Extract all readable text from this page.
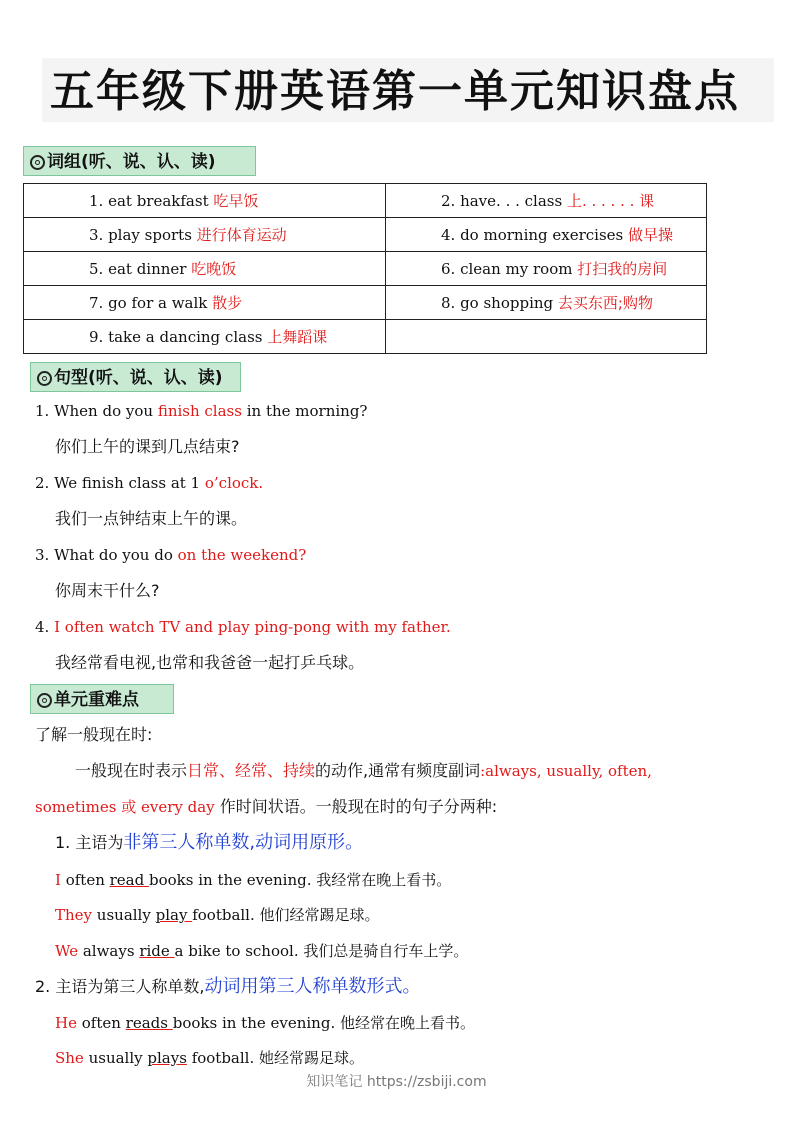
五年级下册英语第一单元知识盘点
词组(听、说、认、读)
1. eat breakfast 吃早饭	2. have. . . class 上. . . . . . 课
3. play sports 进行体育运动	4. do morning exercises 做早操
5. eat dinner 吃晚饭	6. clean my room 打扫我的房间
7. go for a walk 散步	8. go shopping 去买东西;购物
9. take a dancing class 上舞蹈课	
句型(听、说、认、读)
1. When do you finish class in the morning?
你们上午的课到几点结束?
2. We finish class at 1 o’clock.
我们一点钟结束上午的课。
3. What do you do on the weekend?
你周末干什么?
4. I often watch TV and play ping-pong with my father.
我经常看电视,也常和我爸爸一起打乒乓球。
单元重难点
了解一般现在时:
一般现在时表示日常、经常、持续的动作,通常有频度副词:always, usually, often,
sometimes 或 every day 作时间状语。一般现在时的句子分两种:
1. 主语为非第三人称单数,动词用原形。
I often read books in the evening. 我经常在晚上看书。
They usually play football. 他们经常踢足球。
We always ride a bike to school. 我们总是骑自行车上学。
2. 主语为第三人称单数,动词用第三人称单数形式。
He often reads books in the evening. 他经常在晚上看书。
She usually plays football. 她经常踢足球。
知识笔记 https://zsbiji.com
